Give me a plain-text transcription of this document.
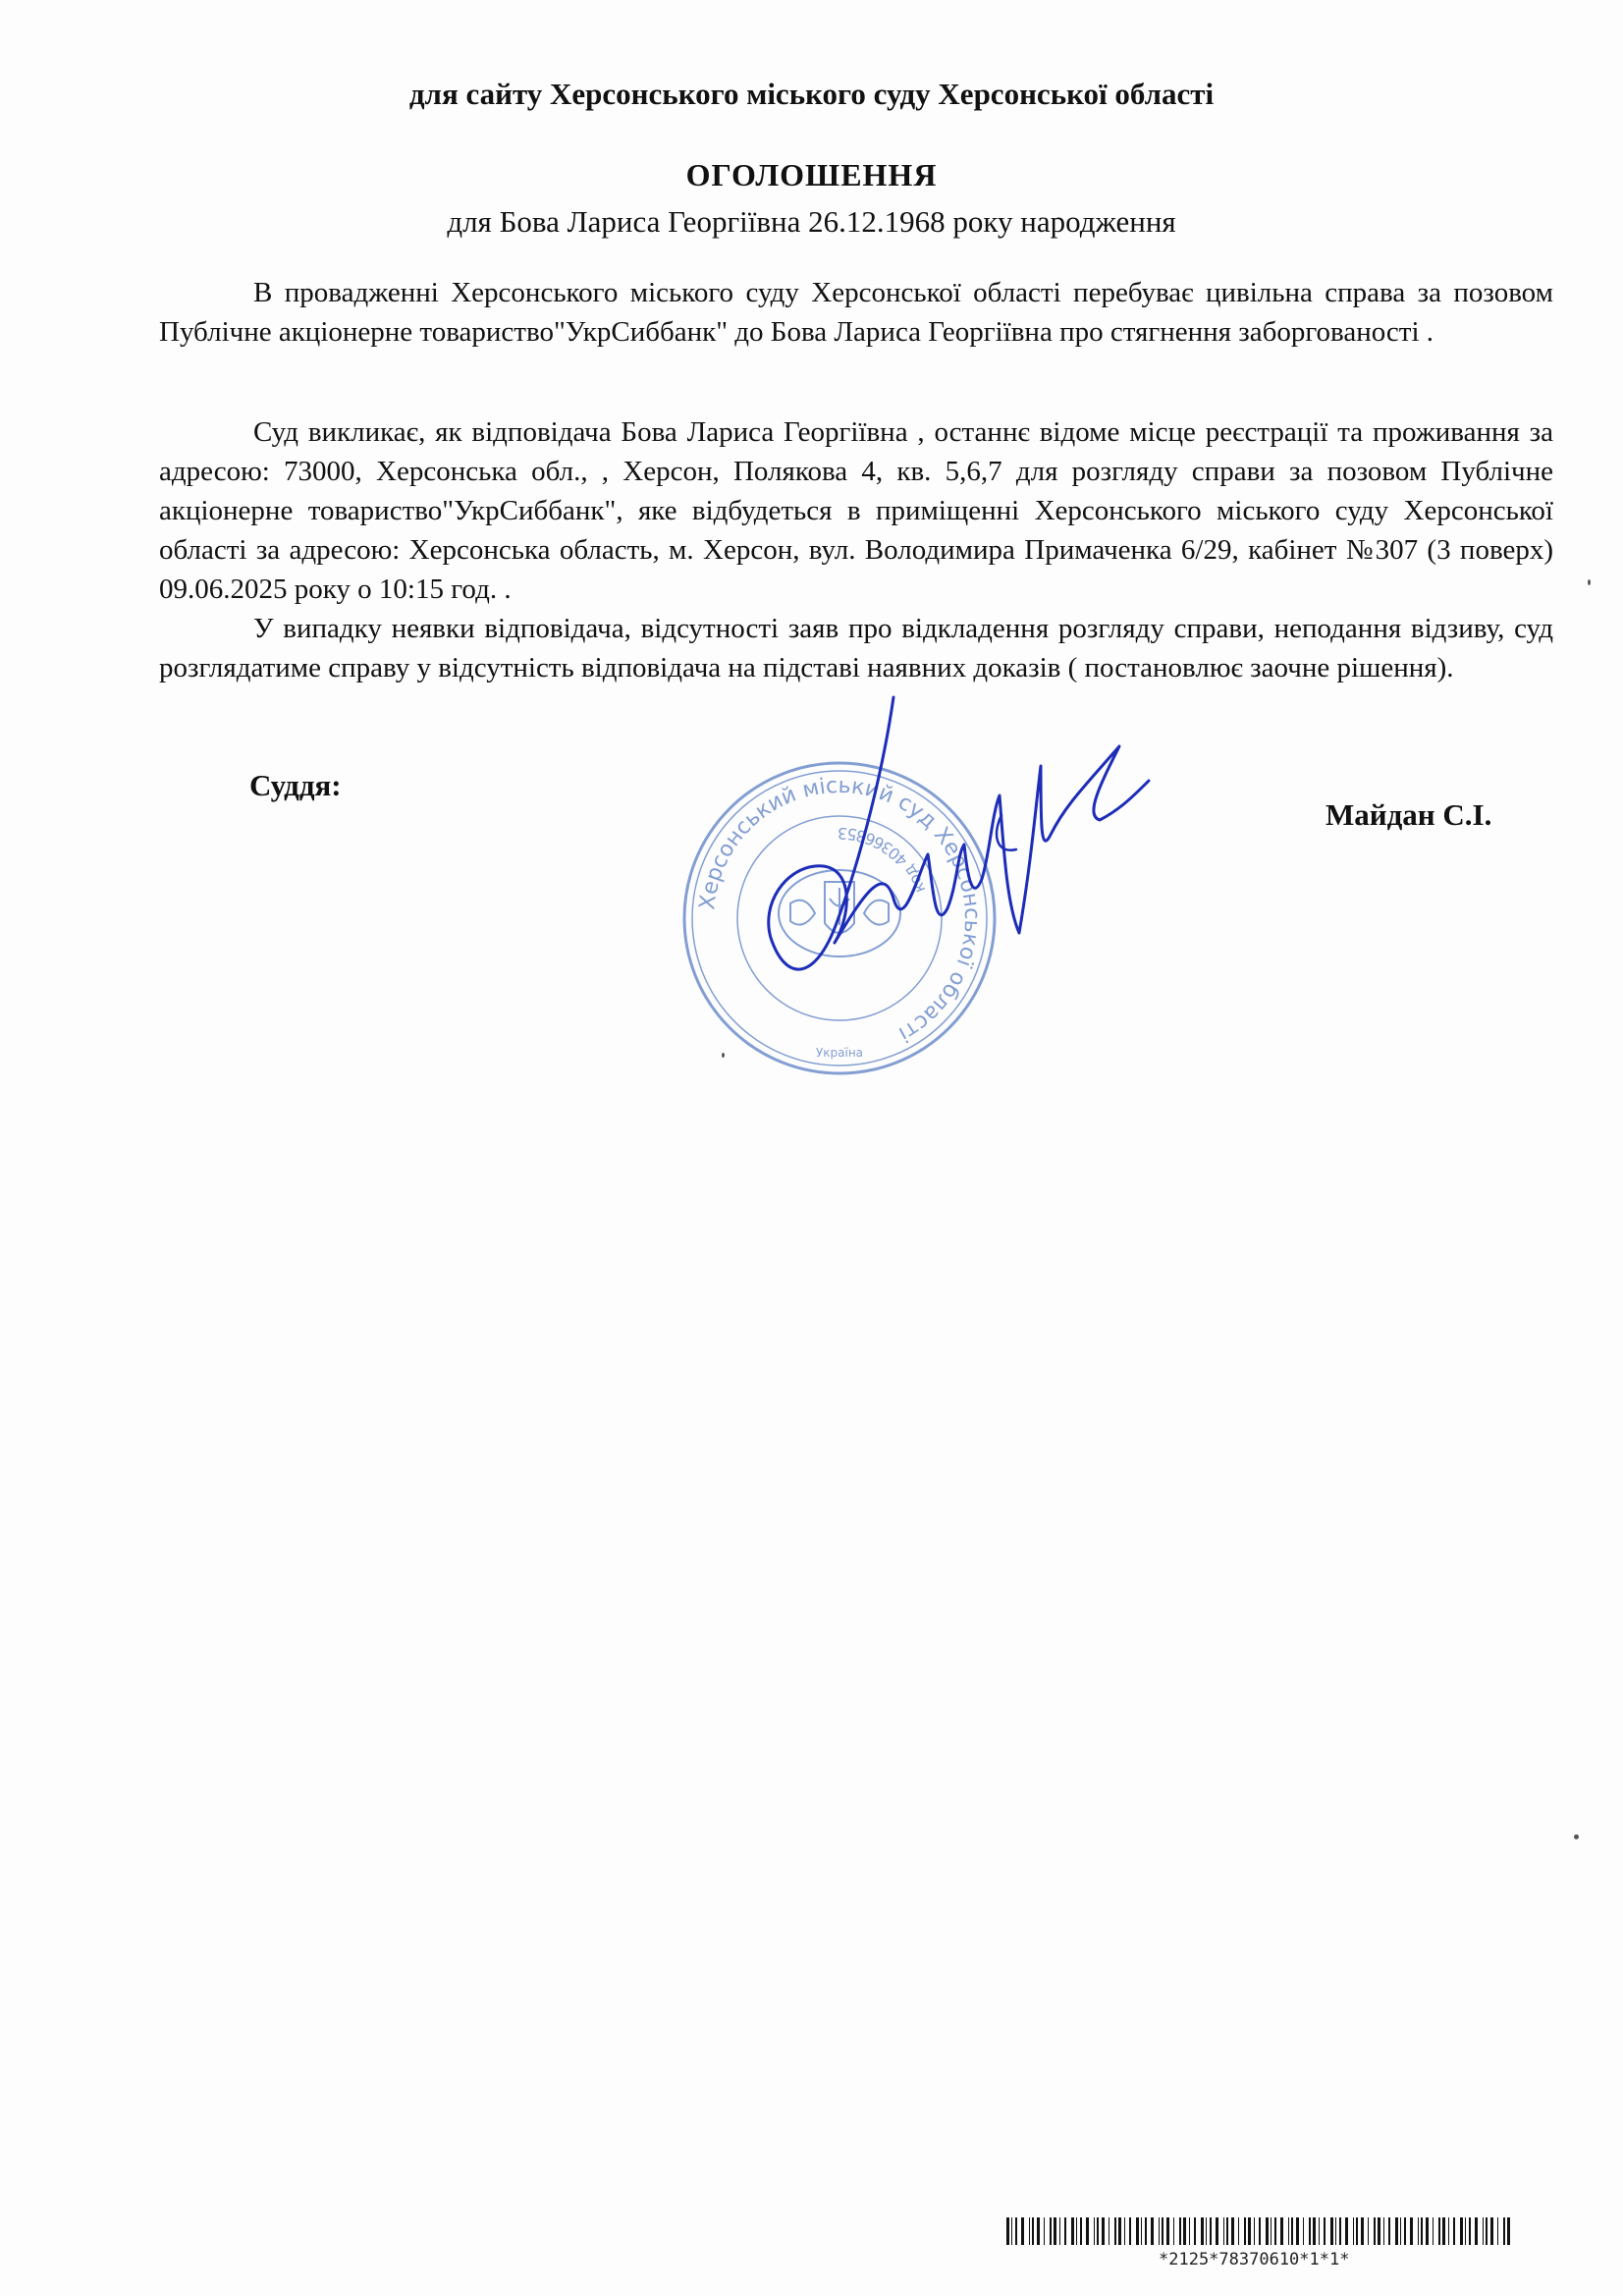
для сайту Херсонського міського суду Херсонської області
ОГОЛОШЕННЯ
для Бова Лариса Георгіївна 26.12.1968 року народження

В провадженні Херсонського міського суду Херсонської області перебуває цивільна справа за позовом Публічне акціонерне товариство"УкрСиббанк" до Бова Лариса Георгіївна про стягнення заборгованості .

Суд викликає, як відповідача Бова Лариса Георгіївна , останнє відоме місце реєстрації та проживання за адресою: 73000, Херсонська обл., , Херсон, Полякова 4, кв. 5,6,7 для розгляду справи за позовом Публічне акціонерне товариство"УкрСиббанк", яке відбудеться в приміщенні Херсонського міського суду Херсонської області за адресою: Херсонська область, м. Херсон, вул. Володимира Примаченка 6/29, кабінет №307 (3 поверх) 09.06.2025 року о 10:15 год. .

У випадку неявки відповідача, відсутності заяв про відкладення розгляду справи, неподання відзиву, суд розглядатиме справу у відсутність відповідача на підставі наявних доказів ( постановлює заочне рішення).

Суддя:
Майдан С.І.
Херсонський міський суд Херсонської області
код 40366853
Україна
*2125*78370610*1*1*
